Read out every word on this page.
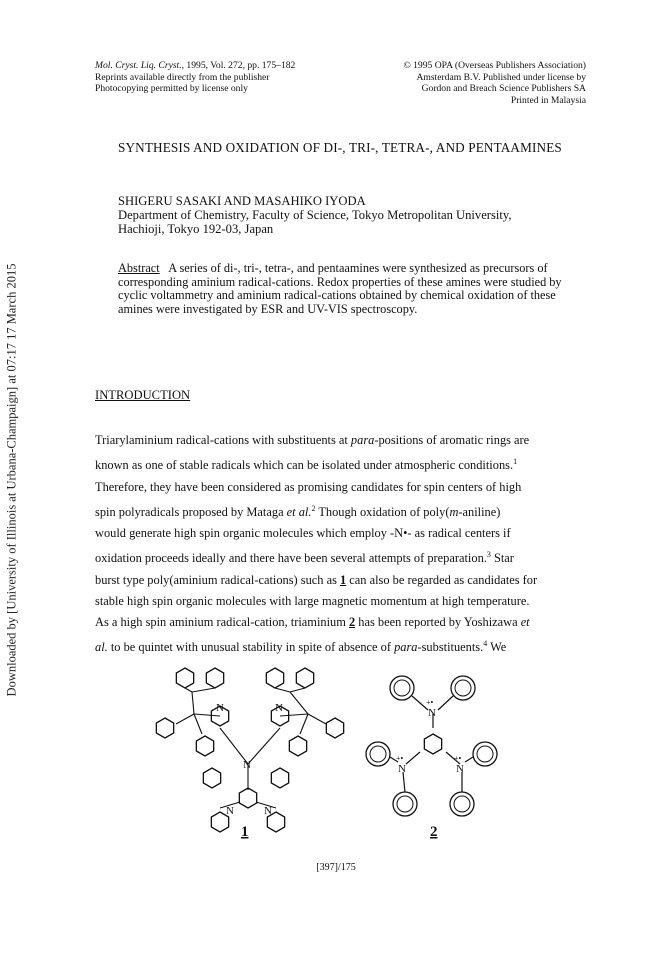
Downloaded by [University of Illinois at Urbana-Champaign] at 07:17 17 March 2015
Mol. Cryst. Liq. Cryst., 1995, Vol. 272, pp. 175–182
Reprints available directly from the publisher
Photocopying permitted by license only
© 1995 OPA (Overseas Publishers Association)
Amsterdam B.V. Published under license by
Gordon and Breach Science Publishers SA
Printed in Malaysia
SYNTHESIS AND OXIDATION OF DI-, TRI-, TETRA-, AND PENTAAMINES
SHIGERU SASAKI AND MASAHIKO IYODA
Department of Chemistry, Faculty of Science, Tokyo Metropolitan University,
Hachioji, Tokyo 192-03, Japan

Abstract A series of di-, tri-, tetra-, and pentaamines were synthesized as precursors of corresponding aminium radical-cations. Redox properties of these amines were studied by cyclic voltammetry and aminium radical-cations obtained by chemical oxidation of these amines were investigated by ESR and UV-VIS spectroscopy.

INTRODUCTION
Triarylaminium radical-cations with substituents at para-positions of aromatic rings are
known as one of stable radicals which can be isolated under atmospheric conditions.$^1$
Therefore, they have been considered as promising candidates for spin centers of high
spin polyradicals proposed by Mataga et al.$^2$ Though oxidation of poly(m-aniline)
would generate high spin organic molecules which employ -N•- as radical centers if
oxidation proceeds ideally and there have been several attempts of preparation.$^3$ Star
burst type poly(aminium radical-cations) such as 1 can also be regarded as candidates for
stable high spin organic molecules with large magnetic momentum at high temperature.
As a high spin aminium radical-cation, triaminium 2 has been reported by Yoshizawa et
al. to be quintet with unusual stability in spite of absence of para-substituents.$^4$ We
N	N
N
N	N
1
N
+•
N
+•
N
+•
2
[397]/175
